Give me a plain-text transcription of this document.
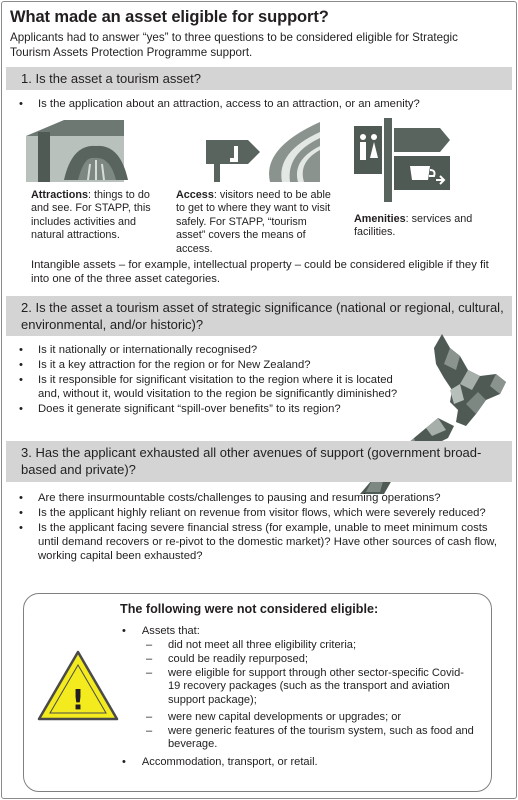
What made an asset eligible for support?
Applicants had to answer “yes” to three questions to be considered eligible for Strategic Tourism Assets Protection Programme support.
1. Is the asset a tourism asset?
• Is the application about an attraction, access to an attraction, or an amenity?
Attractions: things to do and see. For STAPP, this includes activities and natural attractions.
Access: visitors need to be able to get to where they want to visit safely. For STAPP, “tourism asset” covers the means of access.
Amenities: services and facilities.
Intangible assets – for example, intellectual property – could be considered eligible if they fit into one of the three asset categories.
2. Is the asset a tourism asset of strategic significance (national or regional, cultural, environmental, and/or historic)?
• Is it nationally or internationally recognised?
• Is it a key attraction for the region or for New Zealand?
• Is it responsible for significant visitation to the region where it is located and, without it, would visitation to the region be significantly diminished?
• Does it generate significant “spill-over benefits” to its region?
3. Has the applicant exhausted all other avenues of support (government broad-based and private)?
• Are there insurmountable costs/challenges to pausing and resuming operations?
• Is the applicant highly reliant on revenue from visitor flows, which were severely reduced?
• Is the applicant facing severe financial stress (for example, unable to meet minimum costs until demand recovers or re-pivot to the domestic market)? Have other sources of cash flow, working capital been exhausted?
The following were not considered eligible:
!
• Assets that:
–	did not meet all three eligibility criteria;
–	could be readily repurposed;
–	were eligible for support through other sector-specific Covid-19 recovery packages (such as the transport and aviation support package);
–	were new capital developments or upgrades; or
–	were generic features of the tourism system, such as food and beverage.
• Accommodation, transport, or retail.
